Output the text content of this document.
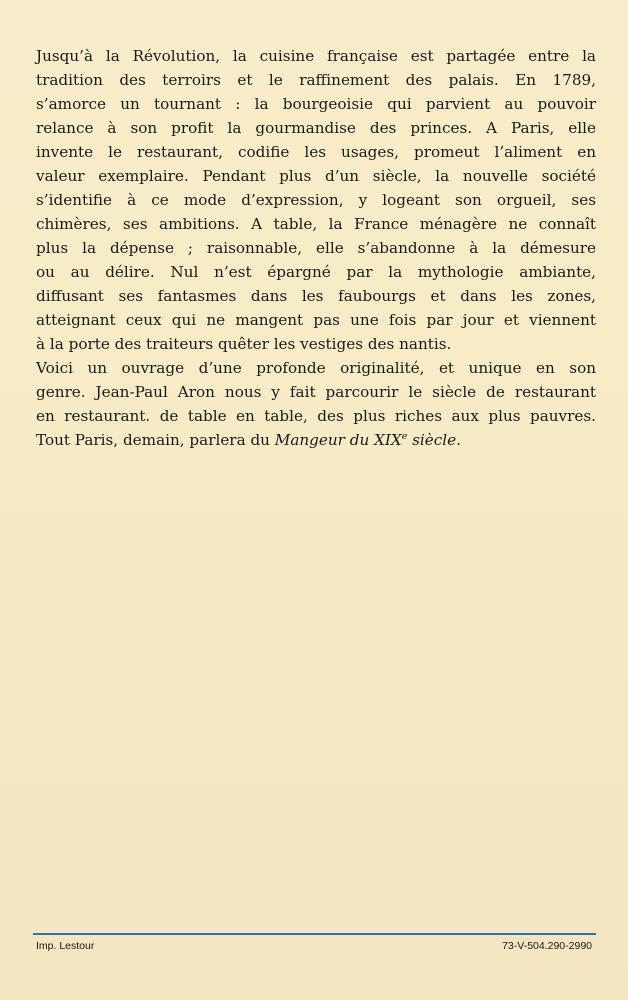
Jusqu’à la Révolution, la cuisine française est partagée entre la
tradition des terroirs et le raffinement des palais. En 1789,
s’amorce un tournant : la bourgeoisie qui parvient au pouvoir
relance à son profit la gourmandise des princes. A Paris, elle
invente le restaurant, codifie les usages, promeut l’aliment en
valeur exemplaire. Pendant plus d’un siècle, la nouvelle société
s’identifie à ce mode d’expression, y logeant son orgueil, ses
chimères, ses ambitions. A table, la France ménagère ne connaît
plus la dépense ; raisonnable, elle s’abandonne à la démesure
ou au délire. Nul n’est épargné par la mythologie ambiante,
diffusant ses fantasmes dans les faubourgs et dans les zones,
atteignant ceux qui ne mangent pas une fois par jour et viennent
à la porte des traiteurs quêter les vestiges des nantis.

Voici un ouvrage d’une profonde originalité, et unique en son
genre. Jean-Paul Aron nous y fait parcourir le siècle de restaurant
en restaurant. de table en table, des plus riches aux plus pauvres.
Tout Paris, demain, parlera du Mangeur du XIXe siècle.

Imp. Lestour	73-V-504.290-2990
